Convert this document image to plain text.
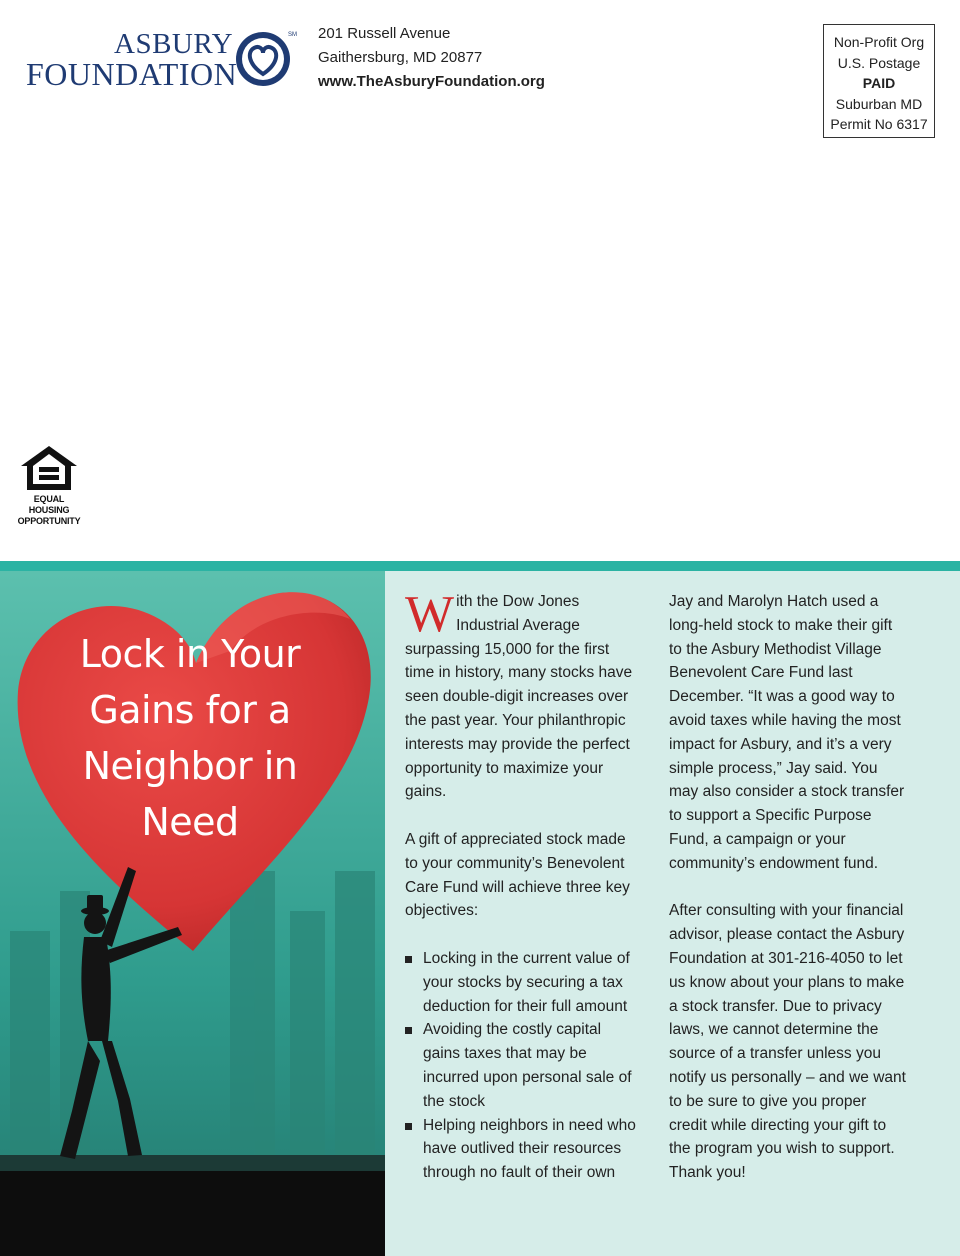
ASBURY
FOUNDATION
SM 201 Russell Avenue
Gaithersburg, MD 20877
www.TheAsburyFoundation.org
Non-Profit Org
U.S. Postage
PAID
Suburban MD
Permit No 6317
EQUAL HOUSING
OPPORTUNITY
Lock in Your
Gains for a
Neighbor in
Need

W ith the Dow Jones Industrial Average surpassing 15,000 for the first time in history, many stocks have seen double-digit increases over the past year. Your philanthropic interests may provide the perfect opportunity to maximize your gains.

A gift of appreciated stock made to your community’s Benevolent Care Fund will achieve three key objectives:

Locking in the current value of your stocks by securing a tax deduction for their full amount
Avoiding the costly capital gains taxes that may be incurred upon personal sale of the stock
Helping neighbors in need who have outlived their resources through no fault of their own

Jay and Marolyn Hatch used a long-held stock to make their gift to the Asbury Methodist Village Benevolent Care Fund last December. “It was a good way to avoid taxes while having the most impact for Asbury, and it’s a very simple process,” Jay said. You may also consider a stock transfer to support a Specific Purpose Fund, a campaign or your community’s endowment fund.

After consulting with your financial advisor, please contact the Asbury Foundation at 301-216-4050 to let us know about your plans to make a stock transfer. Due to privacy laws, we cannot determine the source of a transfer unless you notify us personally – and we want to be sure to give you proper credit while directing your gift to the program you wish to support. Thank you!
